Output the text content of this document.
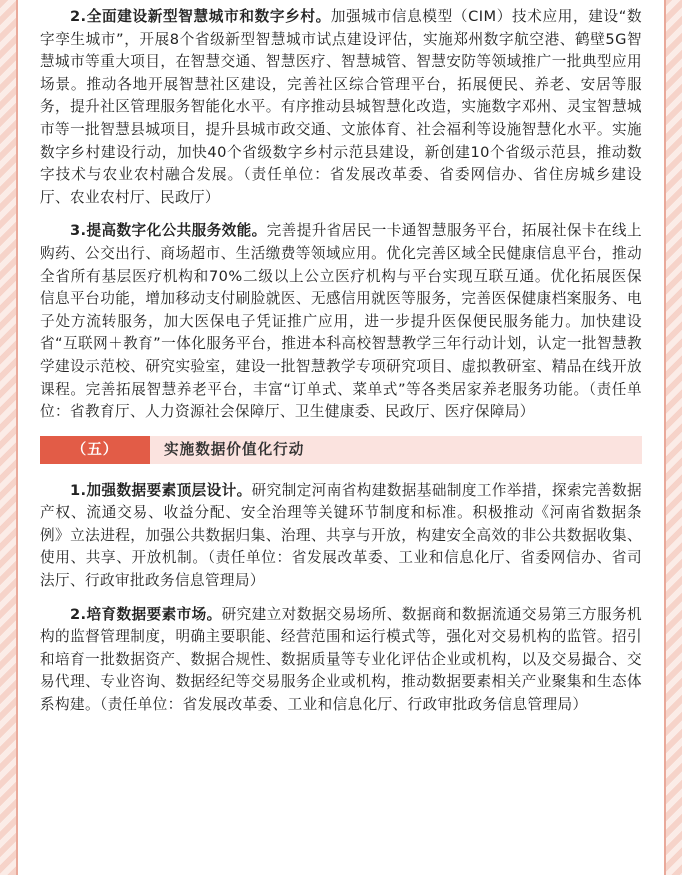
2.全面建设新型智慧城市和数字乡村。加强城市信息模型（CIM）技术应用，建设“数字孪生城市”，开展8个省级新型智慧城市试点建设评估，实施郑州数字航空港、鹤壁5G智慧城市等重大项目，在智慧交通、智慧医疗、智慧城管、智慧安防等领域推广一批典型应用场景。推动各地开展智慧社区建设，完善社区综合管理平台，拓展便民、养老、安居等服务，提升社区管理服务智能化水平。有序推动县城智慧化改造，实施数字邓州、灵宝智慧城市等一批智慧县城项目，提升县城市政交通、文旅体育、社会福利等设施智慧化水平。实施数字乡村建设行动，加快40个省级数字乡村示范县建设，新创建10个省级示范县，推动数字技术与农业农村融合发展。（责任单位：省发展改革委、省委网信办、省住房城乡建设厅、农业农村厅、民政厅）

3.提高数字化公共服务效能。完善提升省居民一卡通智慧服务平台，拓展社保卡在线上购药、公交出行、商场超市、生活缴费等领域应用。优化完善区域全民健康信息平台，推动全省所有基层医疗机构和70%二级以上公立医疗机构与平台实现互联互通。优化拓展医保信息平台功能，增加移动支付刷脸就医、无感信用就医等服务，完善医保健康档案服务、电子处方流转服务，加大医保电子凭证推广应用，进一步提升医保便民服务能力。加快建设省“互联网＋教育”一体化服务平台，推进本科高校智慧教学三年行动计划，认定一批智慧教学建设示范校、研究实验室，建设一批智慧教学专项研究项目、虚拟教研室、精品在线开放课程。完善拓展智慧养老平台，丰富“订单式、菜单式”等各类居家养老服务功能。（责任单位：省教育厅、人力资源社会保障厅、卫生健康委、民政厅、医疗保障局）

（五）	实施数据价值化行动

1.加强数据要素顶层设计。研究制定河南省构建数据基础制度工作举措，探索完善数据产权、流通交易、收益分配、安全治理等关键环节制度和标准。积极推动《河南省数据条例》立法进程，加强公共数据归集、治理、共享与开放，构建安全高效的非公共数据收集、使用、共享、开放机制。（责任单位：省发展改革委、工业和信息化厅、省委网信办、省司法厅、行政审批政务信息管理局）

2.培育数据要素市场。研究建立对数据交易场所、数据商和数据流通交易第三方服务机构的监督管理制度，明确主要职能、经营范围和运行模式等，强化对交易机构的监管。招引和培育一批数据资产、数据合规性、数据质量等专业化评估企业或机构，以及交易撮合、交易代理、专业咨询、数据经纪等交易服务企业或机构，推动数据要素相关产业聚集和生态体系构建。（责任单位：省发展改革委、工业和信息化厅、行政审批政务信息管理局）
